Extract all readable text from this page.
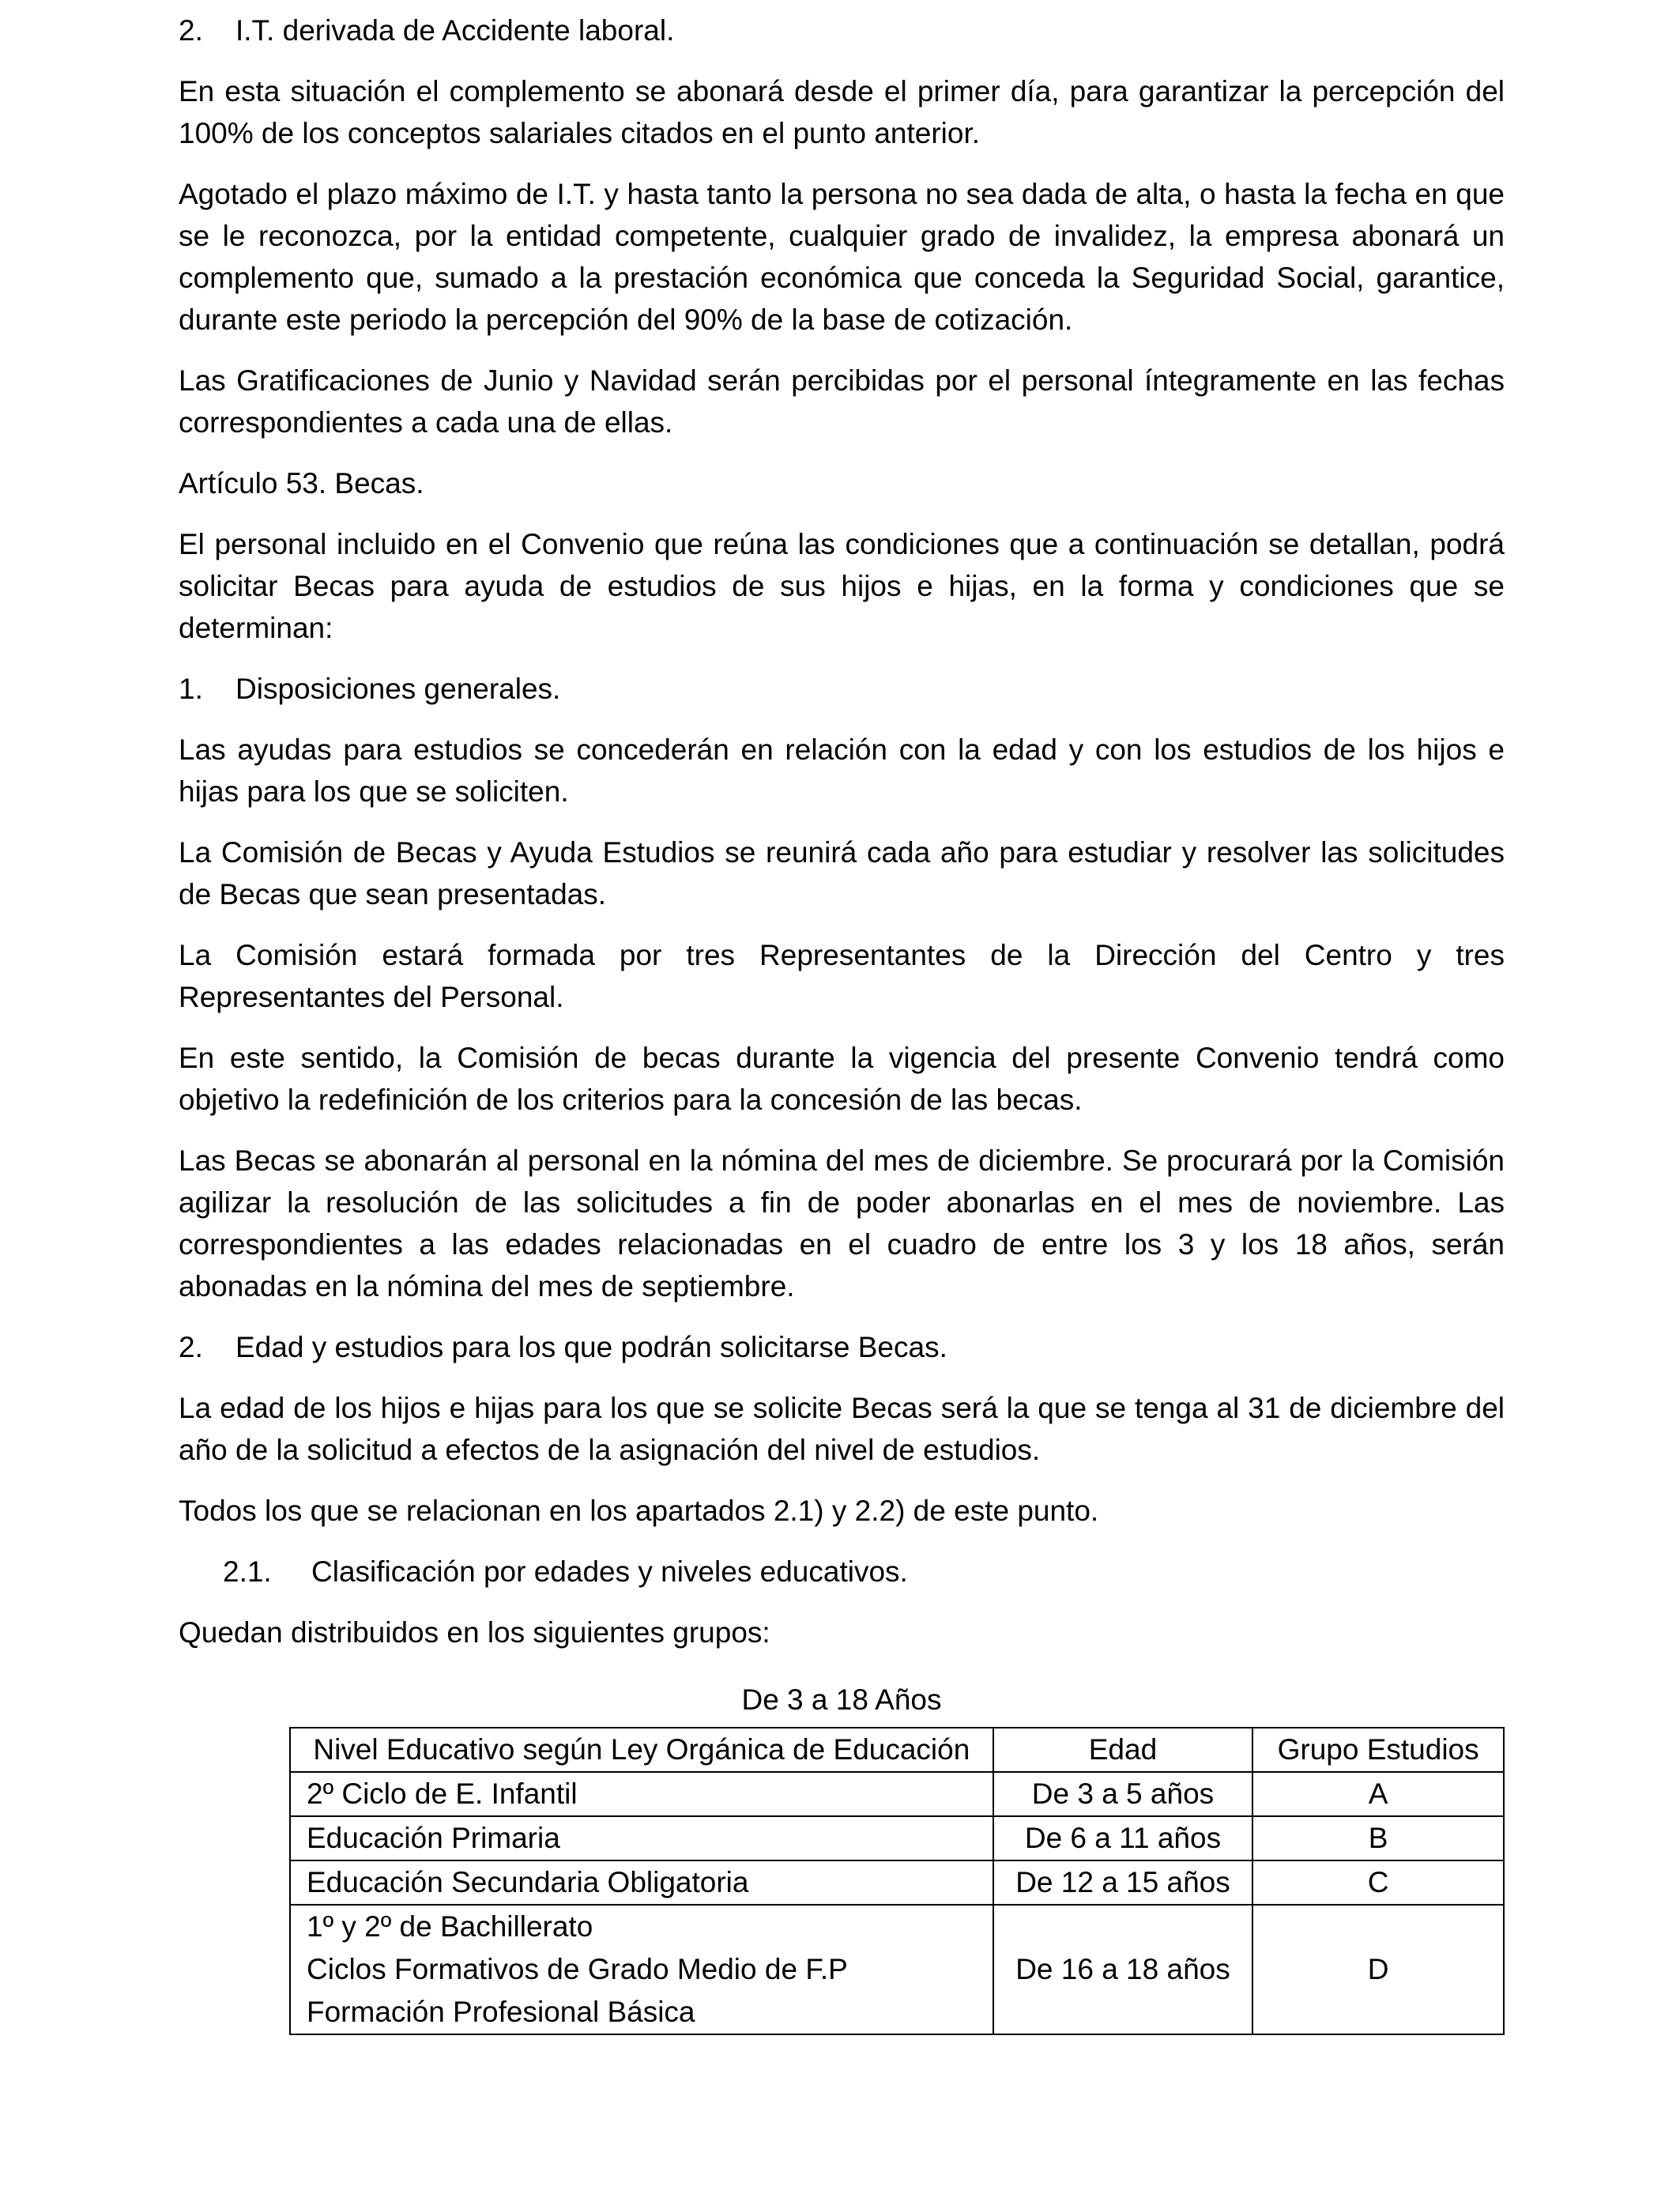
2.	I.T. derivada de Accidente laboral.

En esta situación el complemento se abonará desde el primer día, para garantizar la percepción del 100% de los conceptos salariales citados en el punto anterior.

Agotado el plazo máximo de I.T. y hasta tanto la persona no sea dada de alta, o hasta la fecha en que se le reconozca, por la entidad competente, cualquier grado de invalidez, la empresa abonará un complemento que, sumado a la prestación económica que conceda la Seguridad Social, garantice, durante este periodo la percepción del 90% de la base de cotización.

Las Gratificaciones de Junio y Navidad serán percibidas por el personal íntegramente en las fechas correspondientes a cada una de ellas.

Artículo 53. Becas.

El personal incluido en el Convenio que reúna las condiciones que a continuación se detallan, podrá solicitar Becas para ayuda de estudios de sus hijos e hijas, en la forma y condiciones que se determinan:

1.	Disposiciones generales.

Las ayudas para estudios se concederán en relación con la edad y con los estudios de los hijos e hijas para los que se soliciten.

La Comisión de Becas y Ayuda Estudios se reunirá cada año para estudiar y resolver las solicitudes de Becas que sean presentadas.

La Comisión estará formada por tres Representantes de la Dirección del Centro y tres Representantes del Personal.

En este sentido, la Comisión de becas durante la vigencia del presente Convenio tendrá como objetivo la redefinición de los criterios para la concesión de las becas.

Las Becas se abonarán al personal en la nómina del mes de diciembre. Se procurará por la Comisión agilizar la resolución de las solicitudes a fin de poder abonarlas en el mes de noviembre. Las correspondientes a las edades relacionadas en el cuadro de entre los 3 y los 18 años, serán abonadas en la nómina del mes de septiembre.

2.	Edad y estudios para los que podrán solicitarse Becas.

La edad de los hijos e hijas para los que se solicite Becas será la que se tenga al 31 de diciembre del año de la solicitud a efectos de la asignación del nivel de estudios.

Todos los que se relacionan en los apartados 2.1) y 2.2) de este punto.

2.1.	Clasificación por edades y niveles educativos.

Quedan distribuidos en los siguientes grupos:

De 3 a 18 Años
Nivel Educativo según Ley Orgánica de Educación	Edad	Grupo Estudios
2º Ciclo de E. Infantil	De 3 a 5 años	A
Educación Primaria	De 6 a 11 años	B
Educación Secundaria Obligatoria	De 12 a 15 años	C

1º y 2º de Bachillerato
Ciclos Formativos de Grado Medio de F.P
Formación Profesional Básica	De 16 a 18 años	D
